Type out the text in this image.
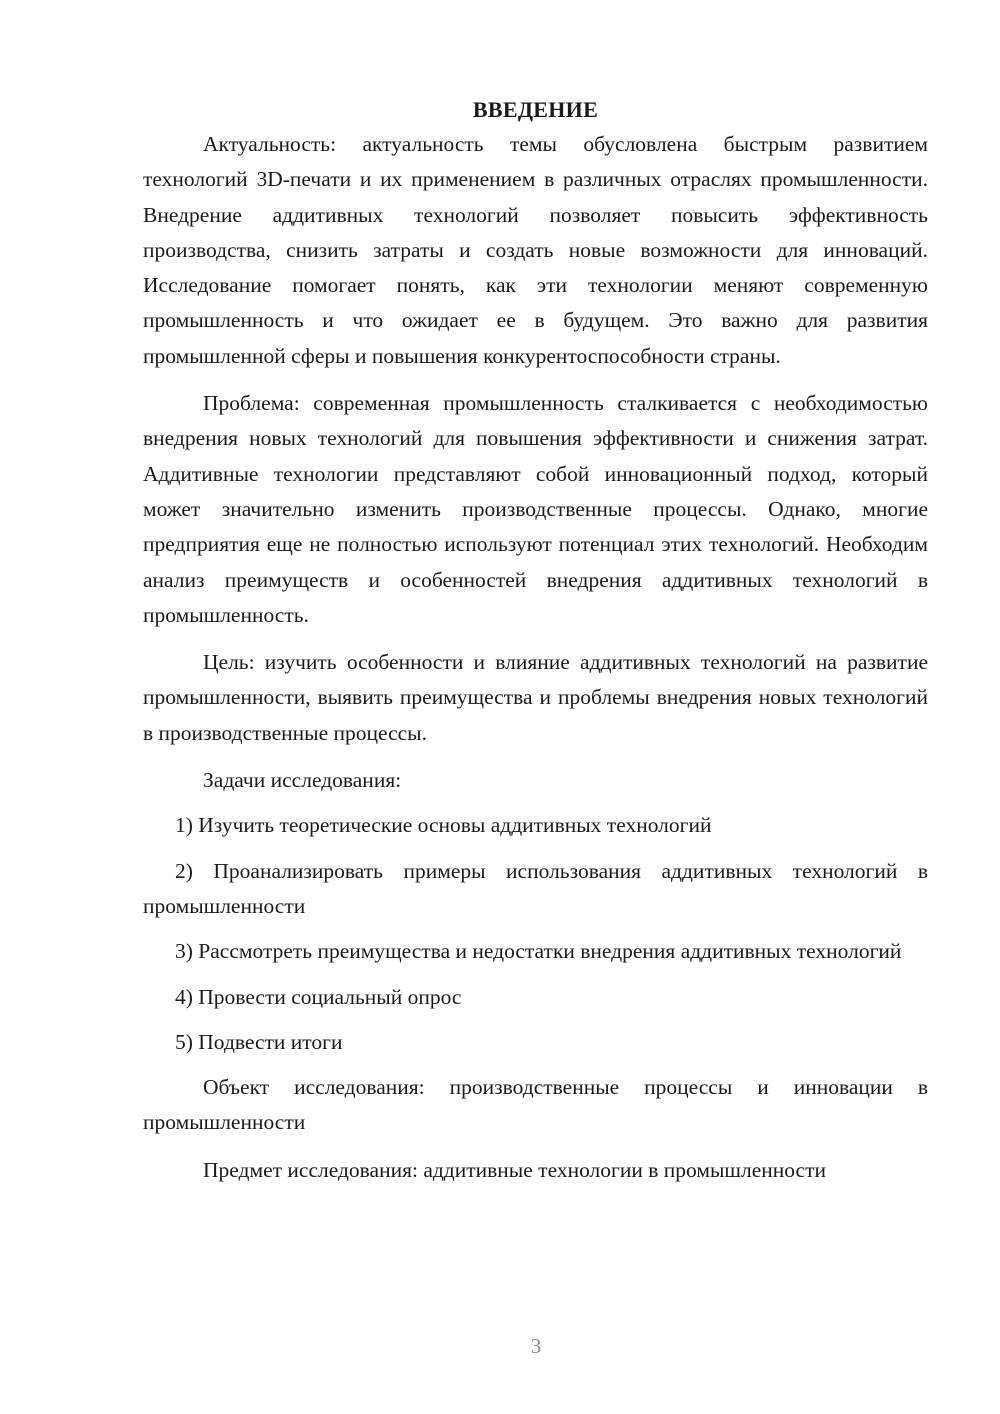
ВВЕДЕНИЕ

Актуальность: актуальность темы обусловлена быстрым развитием технологий 3D-печати и их применением в различных отраслях промышленности. Внедрение аддитивных технологий позволяет повысить эффективность производства, снизить затраты и создать новые возможности для инноваций. Исследование помогает понять, как эти технологии меняют современную промышленность и что ожидает ее в будущем. Это важно для развития промышленной сферы и повышения конкурентоспособности страны.

Проблема: современная промышленность сталкивается с необходимостью внедрения новых технологий для повышения эффективности и снижения затрат. Аддитивные технологии представляют собой инновационный подход, который может значительно изменить производственные процессы. Однако, многие предприятия еще не полностью используют потенциал этих технологий. Необходим анализ преимуществ и особенностей внедрения аддитивных технологий в промышленность.

Цель: изучить особенности и влияние аддитивных технологий на развитие промышленности, выявить преимущества и проблемы внедрения новых технологий в производственные процессы.

Задачи исследования:

1) Изучить теоретические основы аддитивных технологий

2) Проанализировать примеры использования аддитивных технологий в промышленности

3) Рассмотреть преимущества и недостатки внедрения аддитивных технологий

4) Провести социальный опрос

5) Подвести итоги

Объект исследования: производственные процессы и инновации в промышленности

Предмет исследования: аддитивные технологии в промышленности

3
